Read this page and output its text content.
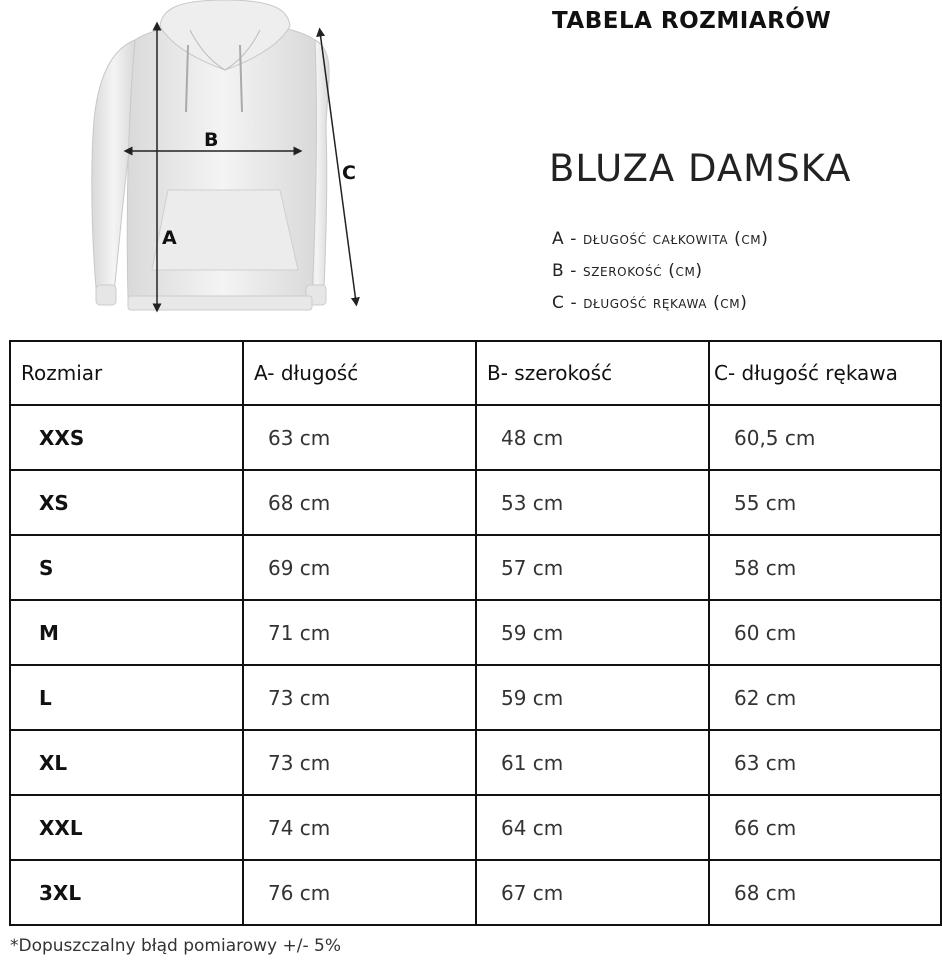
A
B
C
TABELA ROZMIARÓW
BLUZA DAMSKA
A - długość całkowita (cm)
B - szerokość (cm)
C - długość rękawa (cm)
Rozmiar	A- długość	B- szerokość	C- długość rękawa
XXS	63 cm	48 cm	60,5 cm
XS	68 cm	53 cm	55 cm
S	69 cm	57 cm	58 cm
M	71 cm	59 cm	60 cm
L	73 cm	59 cm	62 cm
XL	73 cm	61 cm	63 cm
XXL	74 cm	64 cm	66 cm
3XL	76 cm	67 cm	68 cm
*Dopuszczalny błąd pomiarowy +/- 5%
